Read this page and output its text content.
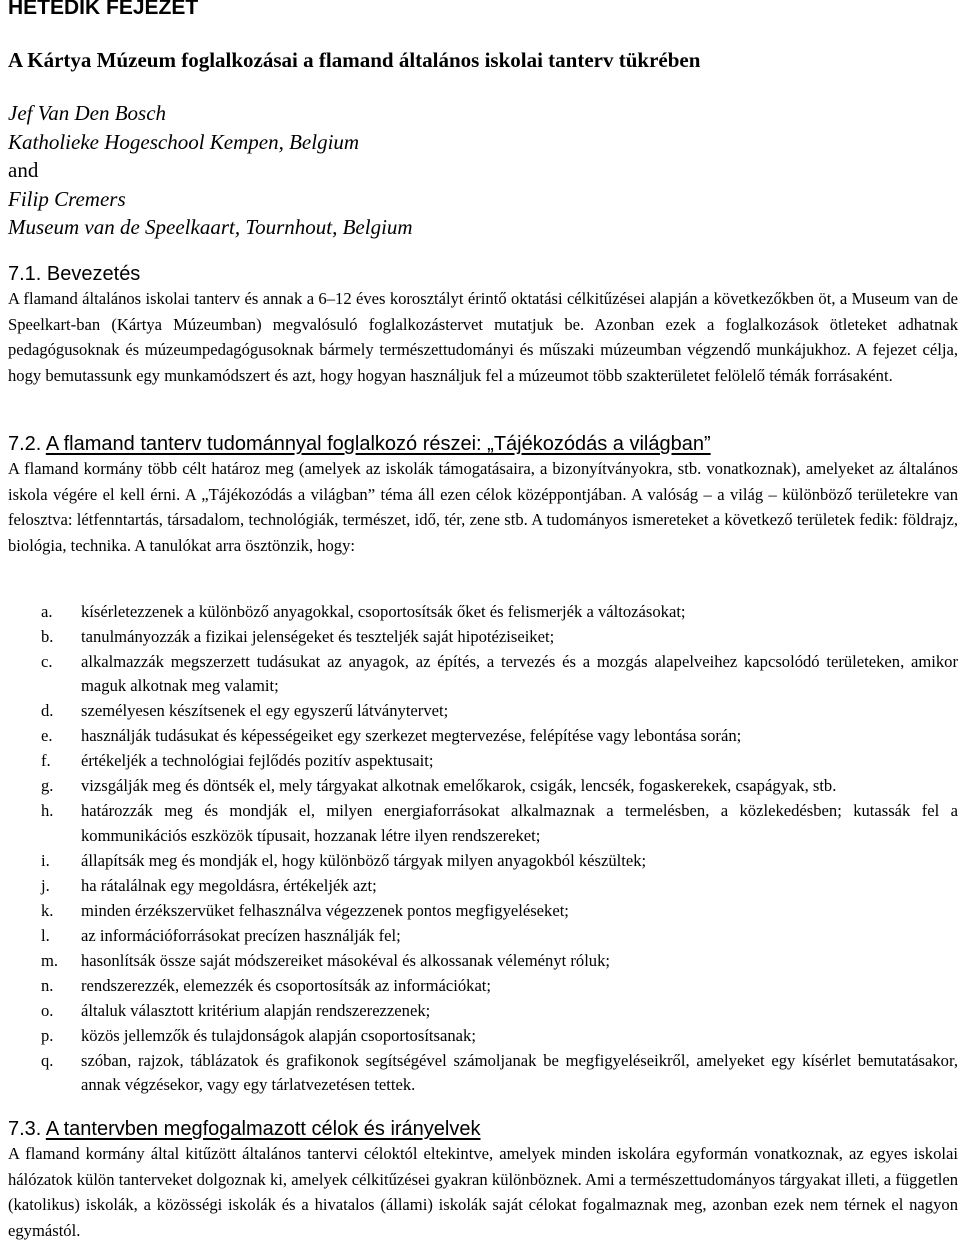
HETEDIK FEJEZET
A Kártya Múzeum foglalkozásai a flamand általános iskolai tanterv tükrében
Jef Van Den Bosch
Katholieke Hogeschool Kempen, Belgium
and
Filip Cremers
Museum van de Speelkaart, Tournhout, Belgium
7.1. Bevezetés

A flamand általános iskolai tanterv és annak a 6–12 éves korosztályt érintő oktatási célkitűzései alapján a következőkben öt, a Museum van de Speelkart-ban (Kártya Múzeumban) megvalósuló foglalkozástervet mutatjuk be. Azonban ezek a foglalkozások ötleteket adhatnak pedagógusoknak és múzeumpedagógusoknak bármely természettudományi és műszaki múzeumban végzendő munkájukhoz. A fejezet célja, hogy bemutassunk egy munkamódszert és azt, hogy hogyan használjuk fel a múzeumot több szakterületet felölelő témák forrásaként.

7.2. A flamand tanterv tudománnyal foglalkozó részei: „Tájékozódás a világban”

A flamand kormány több célt határoz meg (amelyek az iskolák támogatásaira, a bizonyítványokra, stb. vonatkoznak), amelyeket az általános iskola végére el kell érni. A „Tájékozódás a világban” téma áll ezen célok középpontjában. A valóság – a világ – különböző területekre van felosztva: létfenntartás, társadalom, technológiák, természet, idő, tér, zene stb. A tudományos ismereteket a következő területek fedik: földrajz, biológia, technika. A tanulókat arra ösztönzik, hogy:

a. kísérletezzenek a különböző anyagokkal, csoportosítsák őket és felismerjék a változásokat;
b. tanulmányozzák a fizikai jelenségeket és teszteljék saját hipotéziseiket;
c. alkalmazzák megszerzett tudásukat az anyagok, az építés, a tervezés és a mozgás alapelveihez kapcsolódó területeken, amikor maguk alkotnak meg valamit;
d. személyesen készítsenek el egy egyszerű látványtervet;
e. használják tudásukat és képességeiket egy szerkezet megtervezése, felépítése vagy lebontása során;
f. értékeljék a technológiai fejlődés pozitív aspektusait;
g. vizsgálják meg és döntsék el, mely tárgyakat alkotnak emelőkarok, csigák, lencsék, fogaskerekek, csapágyak, stb.
h. határozzák meg és mondják el, milyen energiaforrásokat alkalmaznak a termelésben, a közlekedésben; kutassák fel a kommunikációs eszközök típusait, hozzanak létre ilyen rendszereket;
i. állapítsák meg és mondják el, hogy különböző tárgyak milyen anyagokból készültek;
j. ha rátalálnak egy megoldásra, értékeljék azt;
k. minden érzékszervüket felhasználva végezzenek pontos megfigyeléseket;
l. az információforrásokat precízen használják fel;
m. hasonlítsák össze saját módszereiket másokéval és alkossanak véleményt róluk;
n. rendszerezzék, elemezzék és csoportosítsák az információkat;
o. általuk választott kritérium alapján rendszerezzenek;
p. közös jellemzők és tulajdonságok alapján csoportosítsanak;
q. szóban, rajzok, táblázatok és grafikonok segítségével számoljanak be megfigyeléseikről, amelyeket egy kísérlet bemutatásakor, annak végzésekor, vagy egy tárlatvezetésen tettek.
7.3. A tantervben megfogalmazott célok és irányelvek

A flamand kormány által kitűzött általános tantervi céloktól eltekintve, amelyek minden iskolára egyformán vonatkoznak, az egyes iskolai hálózatok külön tanterveket dolgoznak ki, amelyek célkitűzései gyakran különböznek. Ami a természettudományos tárgyakat illeti, a független (katolikus) iskolák, a közösségi iskolák és a hivatalos (állami) iskolák saját célokat fogalmaznak meg, azonban ezek nem térnek el nagyon egymástól.
